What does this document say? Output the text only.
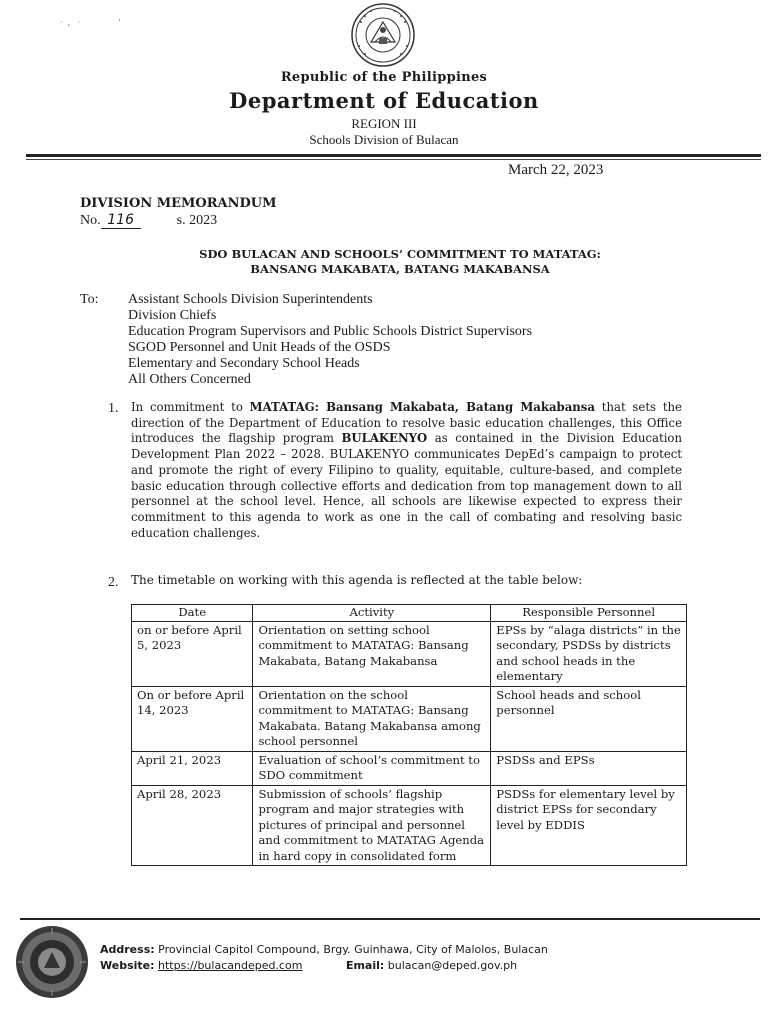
·  ,   ·               '
Republic of the Philippines
Department of Education
REGION III
Schools Division of Bulacan
March 22, 2023
DIVISION MEMORANDUM
No. 116	s. 2023
SDO BULACAN AND SCHOOLS’ COMMITMENT TO MATATAG:
BANSANG MAKABATA, BATANG MAKABANSA
To: Assistant Schools Division Superintendents
Division Chiefs
Education Program Supervisors and Public Schools District Supervisors
SGOD Personnel and Unit Heads of the OSDS
Elementary and Secondary School Heads
All Others Concerned
1. In commitment to MATATAG: Bansang Makabata, Batang Makabansa that sets the direction of the Department of Education to resolve basic education challenges, this Office introduces the flagship program BULAKENYO as contained in the Division Education Development Plan 2022 – 2028. BULAKENYO communicates DepEd’s campaign to protect and promote the right of every Filipino to quality, equitable, culture-based, and complete basic education through collective efforts and dedication from top management down to all personnel at the school level. Hence, all schools are likewise expected to express their commitment to this agenda to work as one in the call of combating and resolving basic education challenges.
2. The timetable on working with this agenda is reflected at the table below:
Date	Activity	Responsible Personnel
on or before April 5, 2023	Orientation on setting school commitment to MATATAG: Bansang Makabata, Batang Makabansa	EPSs by “alaga districts” in the secondary, PSDSs by districts and school heads in the elementary
On or before April 14, 2023	Orientation on the school commitment to MATATAG: Bansang Makabata. Batang Makabansa among school personnel	School heads and school personnel
April 21, 2023	Evaluation of school’s commitment to SDO commitment	PSDSs and EPSs
April 28, 2023	Submission of schools’ flagship program and major strategies with pictures of principal and personnel and commitment to MATATAG Agenda in hard copy in consolidated form	PSDSs for elementary level by district EPSs for secondary level by EDDIS
Address: Provincial Capitol Compound, Brgy. Guinhawa, City of Malolos, Bulacan
Website: https://bulacandeped.com	Email: bulacan@deped.gov.ph
